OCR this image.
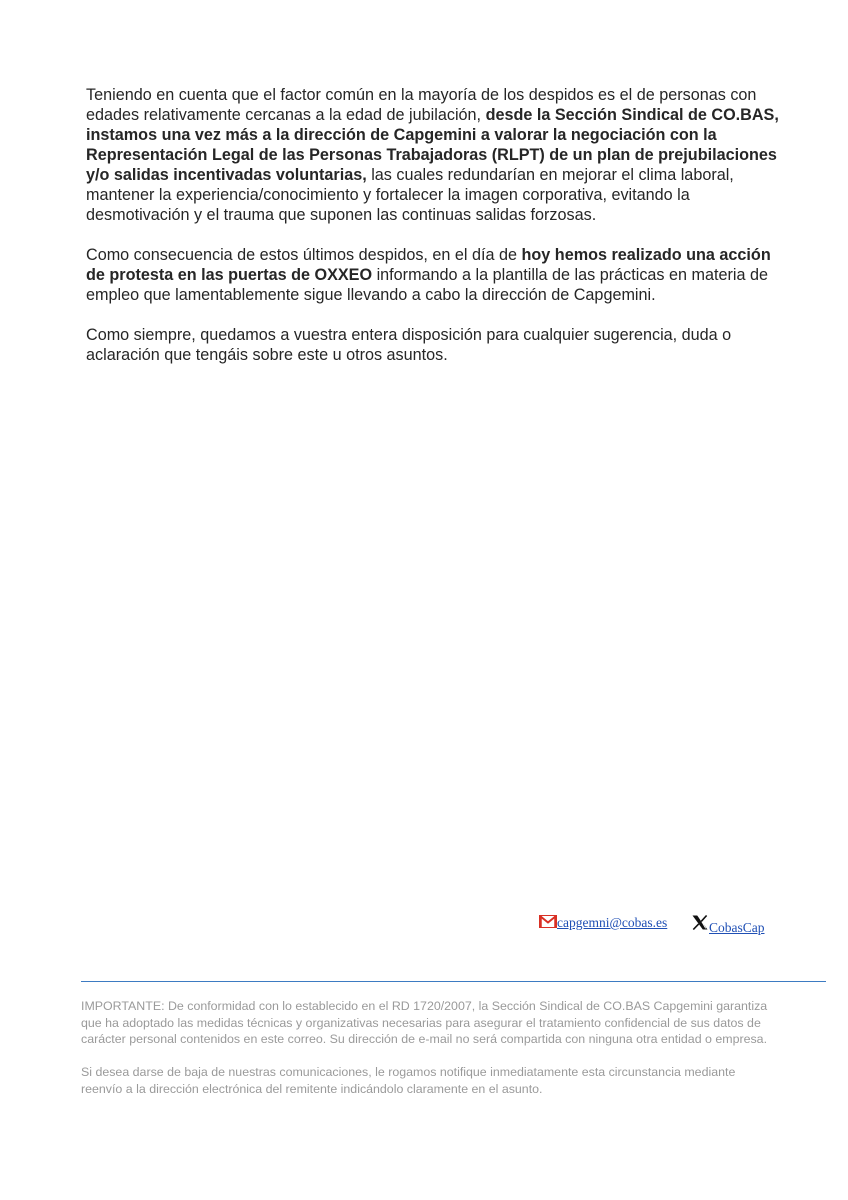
Teniendo en cuenta que el factor común en la mayoría de los despidos es el de personas con edades relativamente cercanas a la edad de jubilación, desde la Sección Sindical de CO.BAS, instamos una vez más a la dirección de Capgemini a valorar la negociación con la Representación Legal de las Personas Trabajadoras (RLPT) de un plan de prejubilaciones y/o salidas incentivadas voluntarias, las cuales redundarían en mejorar el clima laboral, mantener la experiencia/conocimiento y fortalecer la imagen corporativa, evitando la desmotivación y el trauma que suponen las continuas salidas forzosas.

Como consecuencia de estos últimos despidos, en el día de hoy hemos realizado una acción de protesta en las puertas de OXXEO informando a la plantilla de las prácticas en materia de empleo que lamentablemente sigue llevando a cabo la dirección de Capgemini.

Como siempre, quedamos a vuestra entera disposición para cualquier sugerencia, duda o aclaración que tengáis sobre este u otros asuntos.

capgemni@cobas.es	CobasCap

IMPORTANTE: De conformidad con lo establecido en el RD 1720/2007, la Sección Sindical de CO.BAS Capgemini garantiza que ha adoptado las medidas técnicas y organizativas necesarias para asegurar el tratamiento confidencial de sus datos de carácter personal contenidos en este correo. Su dirección de e-mail no será compartida con ninguna otra entidad o empresa.

Si desea darse de baja de nuestras comunicaciones, le rogamos notifique inmediatamente esta circunstancia mediante reenvío a la dirección electrónica del remitente indicándolo claramente en el asunto.
